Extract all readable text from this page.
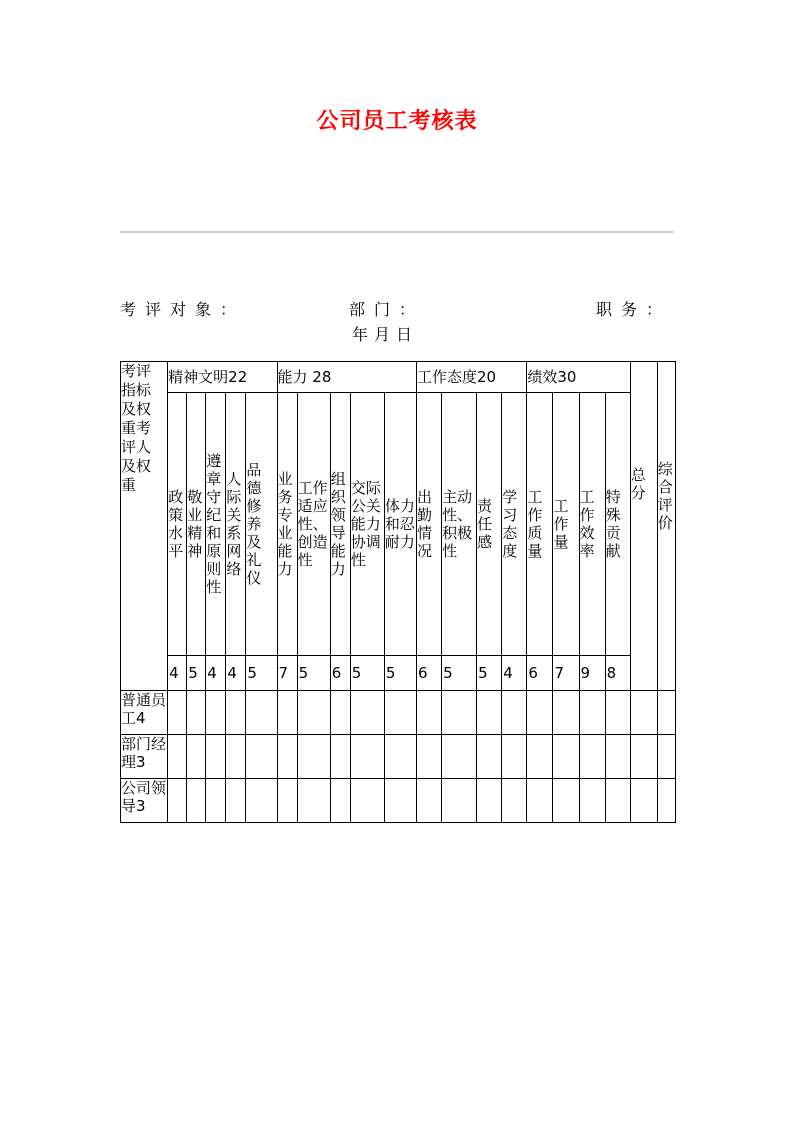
公司员工考核表
考评对象：	部门：	职务：
年月日
考评指标及权重考评人及权重	精神文明22					能力 28					工作态度20				绩效30				总分	综合评价

	政策水平	敬业精神	遵章守纪和原则性	人际关系网络	品德修养及礼仪	业务专业能力	工作适应性、创造性	组织领导能力	交际公关能力协调性	体力和忍耐力	出勤情况	主动性、积极性	责任感	学习态度	工作质量	工作量	工作效率	特殊贡献		

	4	5	4	4	5	7	5	6	5	5	6	5	5	4	6	7	9	8		
普通员工4																				
部门经理3																				
公司领导3																				
